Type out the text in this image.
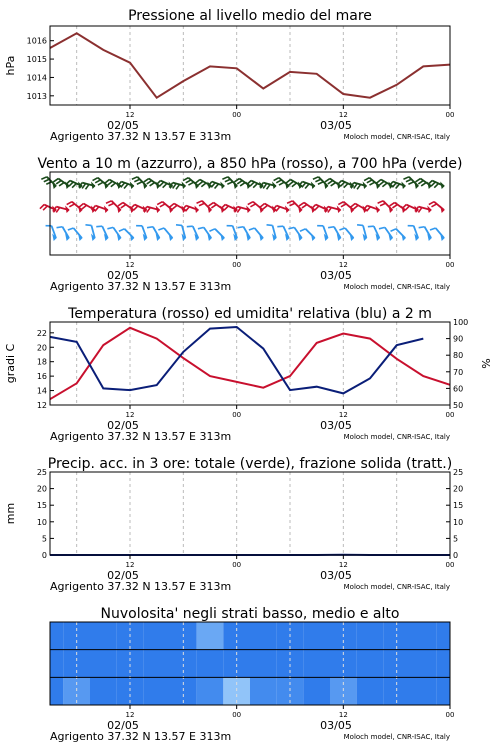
Pressione al livello medio del mare
1013
1014
1015
1016
hPa
12	00	12	00
02/05	03/05
Agrigento 37.32 N 13.57 E 313m	Moloch model, CNR-ISAC, Italy
Vento a 10 m (azzurro), a 850 hPa (rosso), a 700 hPa (verde)
12	00	12	00
02/05	03/05
Agrigento 37.32 N 13.57 E 313m	Moloch model, CNR-ISAC, Italy
Temperatura (rosso) ed umidita' relativa (blu) a 2 m
12
14
16
18
20
22
50
60
70
80
90
100
gradi C	%
12	00	12	00
02/05	03/05
Agrigento 37.32 N 13.57 E 313m	Moloch model, CNR-ISAC, Italy
Precip. acc. in 3 ore: totale (verde), frazione solida (tratt.)
0
5
10
15
20
25
0
5
10
15
20
25
mm
12	00	12	00
02/05	03/05
Agrigento 37.32 N 13.57 E 313m	Moloch model, CNR-ISAC, Italy
Nuvolosita' negli strati basso, medio e alto
12	00	12	00
02/05	03/05
Agrigento 37.32 N 13.57 E 313m	Moloch model, CNR-ISAC, Italy
